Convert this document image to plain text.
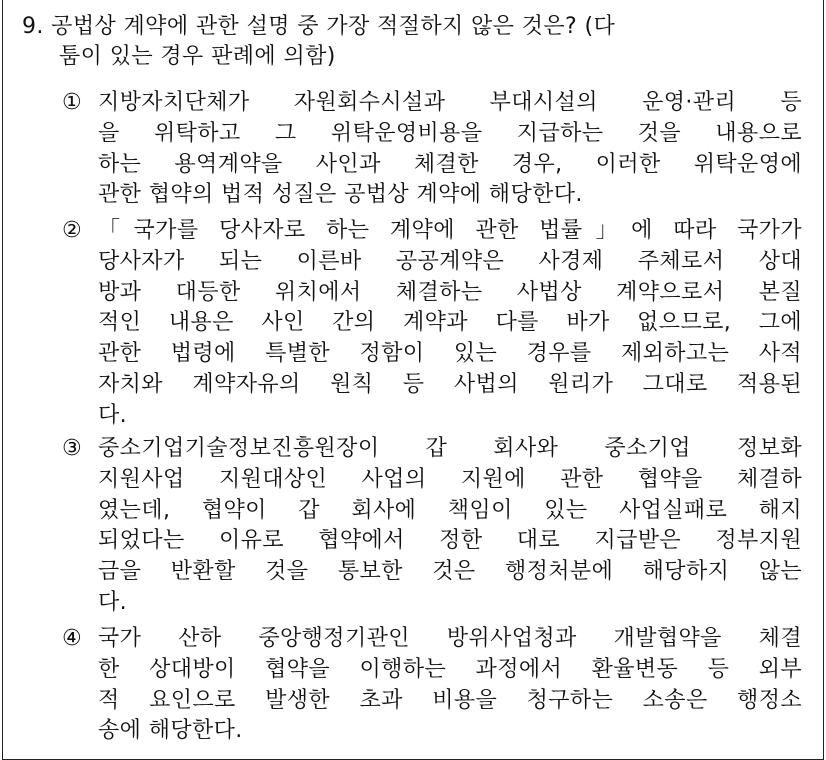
9. 공법상 계약에 관한 설명 중 가장 적절하지 않은 것은? (다
툼이 있는 경우 판례에 의함)
① 지방자치단체가 자원회수시설과 부대시설의 운영·관리 등
을 위탁하고 그 위탁운영비용을 지급하는 것을 내용으로
하는 용역계약을 사인과 체결한 경우, 이러한 위탁운영에
관한 협약의 법적 성질은 공법상 계약에 해당한다.
② 「국가를 당사자로 하는 계약에 관한 법률」에 따라 국가가
당사자가 되는 이른바 공공계약은 사경제 주체로서 상대
방과 대등한 위치에서 체결하는 사법상 계약으로서 본질
적인 내용은 사인 간의 계약과 다를 바가 없으므로, 그에
관한 법령에 특별한 정함이 있는 경우를 제외하고는 사적
자치와 계약자유의 원칙 등 사법의 원리가 그대로 적용된
다.
③ 중소기업기술정보진흥원장이 갑 회사와 중소기업 정보화
지원사업 지원대상인 사업의 지원에 관한 협약을 체결하
였는데, 협약이 갑 회사에 책임이 있는 사업실패로 해지
되었다는 이유로 협약에서 정한 대로 지급받은 정부지원
금을 반환할 것을 통보한 것은 행정처분에 해당하지 않는
다.
④ 국가 산하 중앙행정기관인 방위사업청과 개발협약을 체결
한 상대방이 협약을 이행하는 과정에서 환율변동 등 외부
적 요인으로 발생한 초과 비용을 청구하는 소송은 행정소
송에 해당한다.
